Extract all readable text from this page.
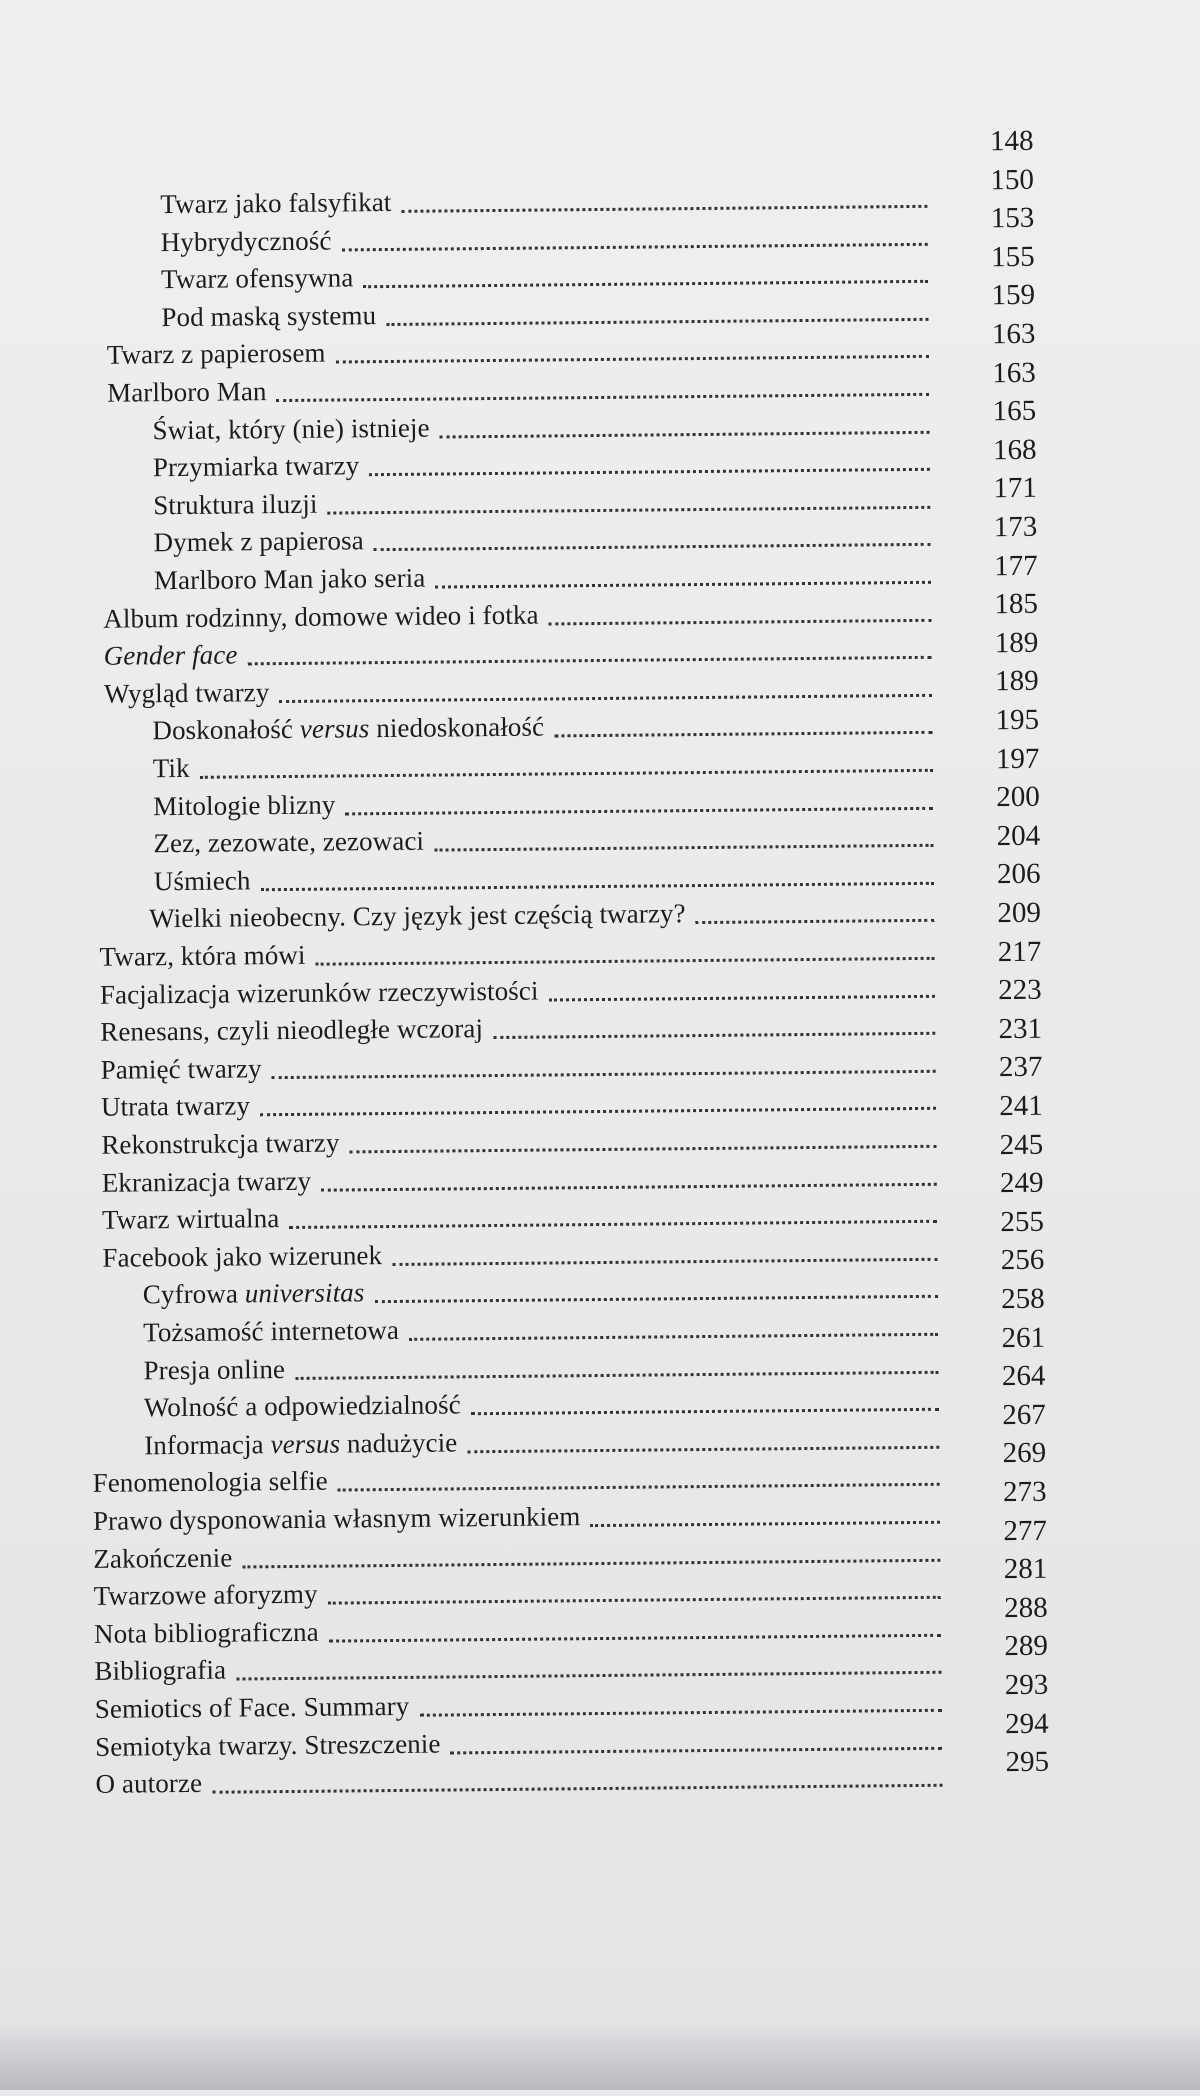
Twarz jako falsyfikat
Hybrydyczność
Twarz ofensywna
Pod maską systemu
Twarz z papierosem
Marlboro Man
Świat, który (nie) istnieje
Przymiarka twarzy
Struktura iluzji
Dymek z papierosa
Marlboro Man jako seria
Album rodzinny, domowe wideo i fotka
Gender face
Wygląd twarzy
Doskonałość versus niedoskonałość
Tik
Mitologie blizny
Zez, zezowate, zezowaci
Uśmiech
Wielki nieobecny. Czy język jest częścią twarzy?
Twarz, która mówi
Facjalizacja wizerunków rzeczywistości
Renesans, czyli nieodległe wczoraj
Pamięć twarzy
Utrata twarzy
Rekonstrukcja twarzy
Ekranizacja twarzy
Twarz wirtualna
Facebook jako wizerunek
Cyfrowa universitas
Tożsamość internetowa
Presja online
Wolność a odpowiedzialność
Informacja versus nadużycie
Fenomenologia selfie
Prawo dysponowania własnym wizerunkiem
Zakończenie
Twarzowe aforyzmy
Nota bibliograficzna
Bibliografia
Semiotics of Face. Summary
Semiotyka twarzy. Streszczenie
O autorze
148
150
153
155
159
163
163
165
168
171
173
177
185
189
189
195
197
200
204
206
209
217
223
231
237
241
245
249
255
256
258
261
264
267
269
273
277
281
288
289
293
294
295
